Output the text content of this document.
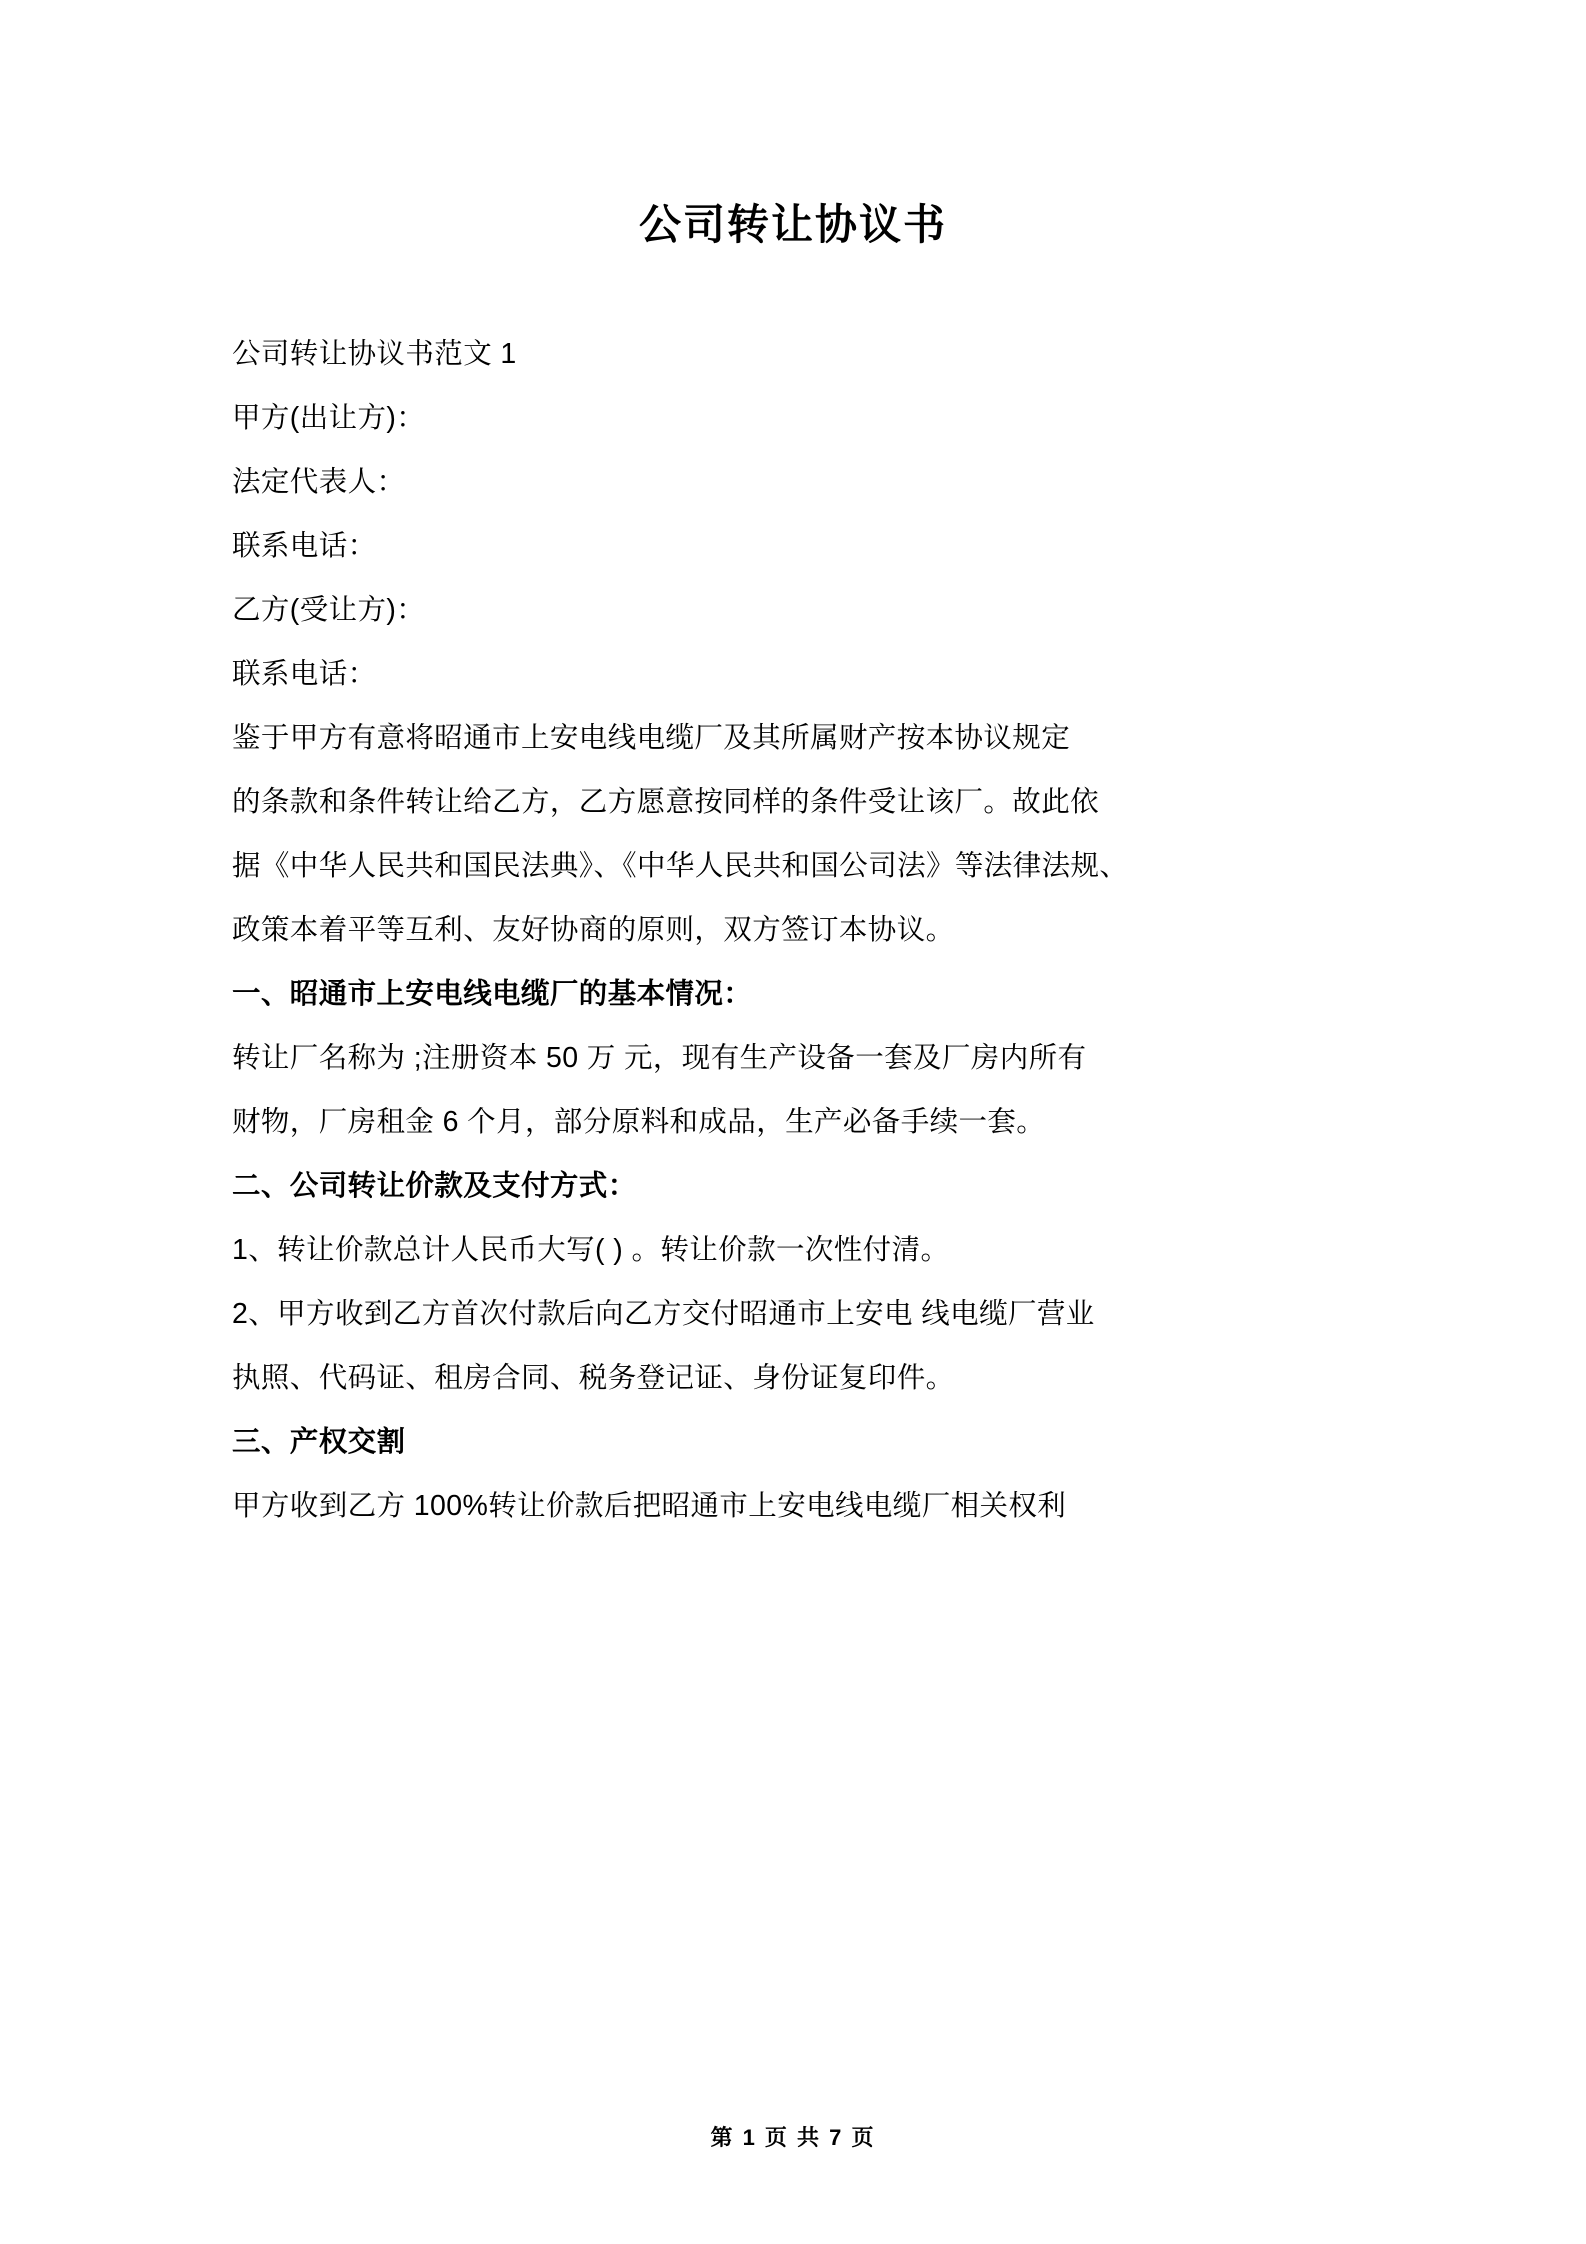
公司转让协议书
公司转让协议书范文 1
甲方(出让方)：
法定代表人：
联系电话：
乙方(受让方)：
联系电话：
鉴于甲方有意将昭通市上安电线电缆厂及其所属财产按本协议规定
的条款和条件转让给乙方，乙方愿意按同样的条件受让该厂。故此依
据《中华人民共和国民法典》、《中华人民共和国公司法》等法律法规、
政策本着平等互利、友好协商的原则，双方签订本协议。
一、昭通市上安电线电缆厂的基本情况：
转让厂名称为 ;注册资本 50 万 元，现有生产设备一套及厂房内所有
财物，厂房租金 6 个月，部分原料和成品，生产必备手续一套。
二、公司转让价款及支付方式：
1、转让价款总计人民币大写( ) 。转让价款一次性付清。
2、甲方收到乙方首次付款后向乙方交付昭通市上安电 线电缆厂营业
执照、代码证、租房合同、税务登记证、身份证复印件。
三、产权交割
甲方收到乙方 100%转让价款后把昭通市上安电线电缆厂相关权利
第 1 页 共 7 页
